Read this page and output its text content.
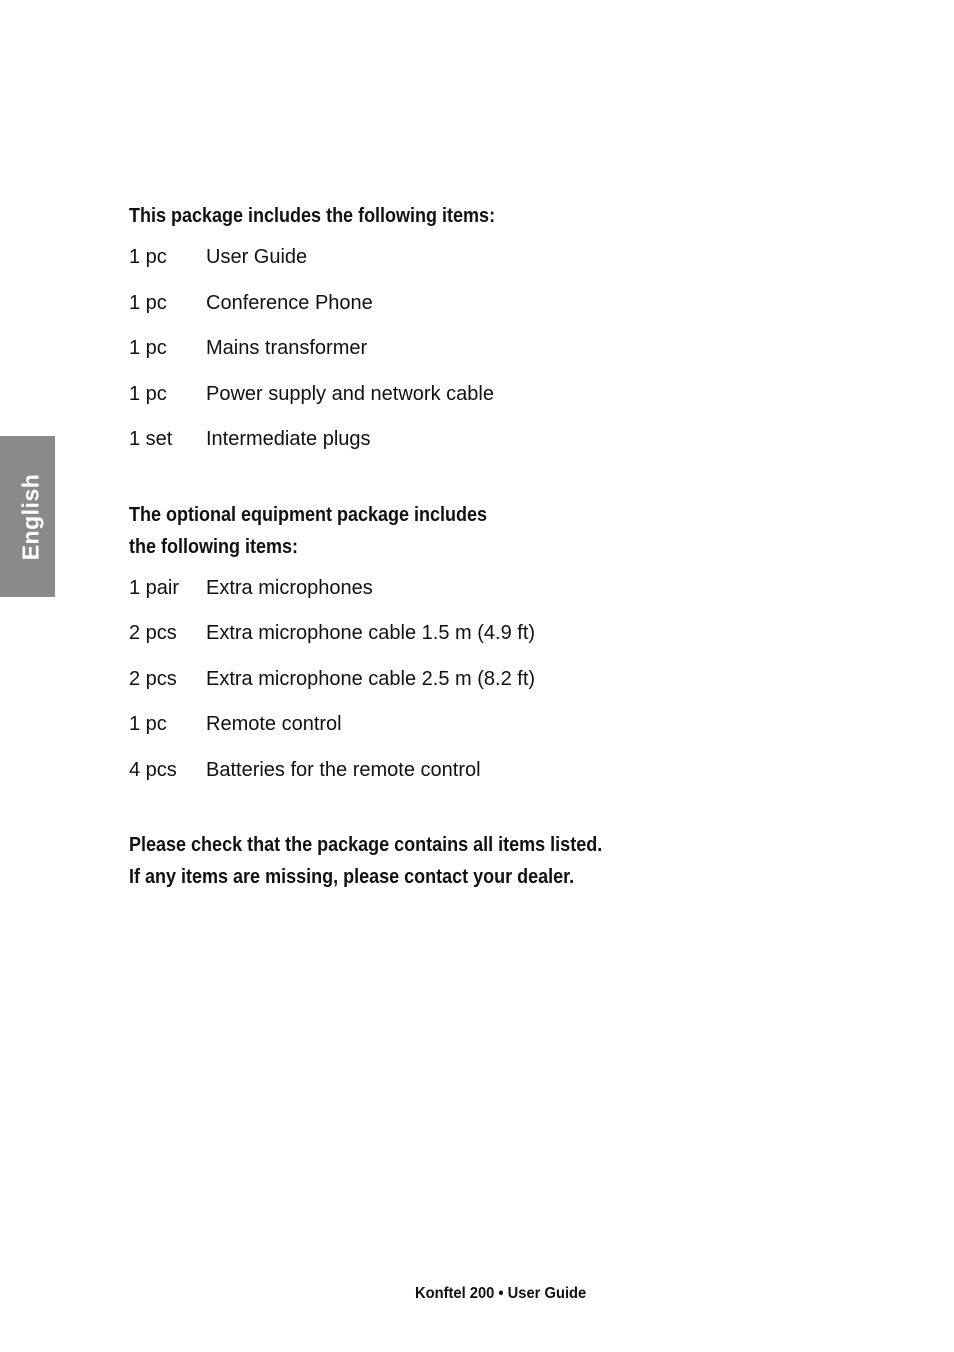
English

This package includes the following items:

1 pc	User Guide
1 pc	Conference Phone
1 pc	Mains transformer
1 pc	Power supply and network cable
1 set	Intermediate plugs

The optional equipment package includes
the following items:

1 pair	Extra microphones
2 pcs	Extra microphone cable 1.5 m (4.9 ft)
2 pcs	Extra microphone cable 2.5 m (8.2 ft)
1 pc	Remote control
4 pcs	Batteries for the remote control

Please check that the package contains all items listed.
If any items are missing, please contact your dealer.

Konftel 200 • User Guide
